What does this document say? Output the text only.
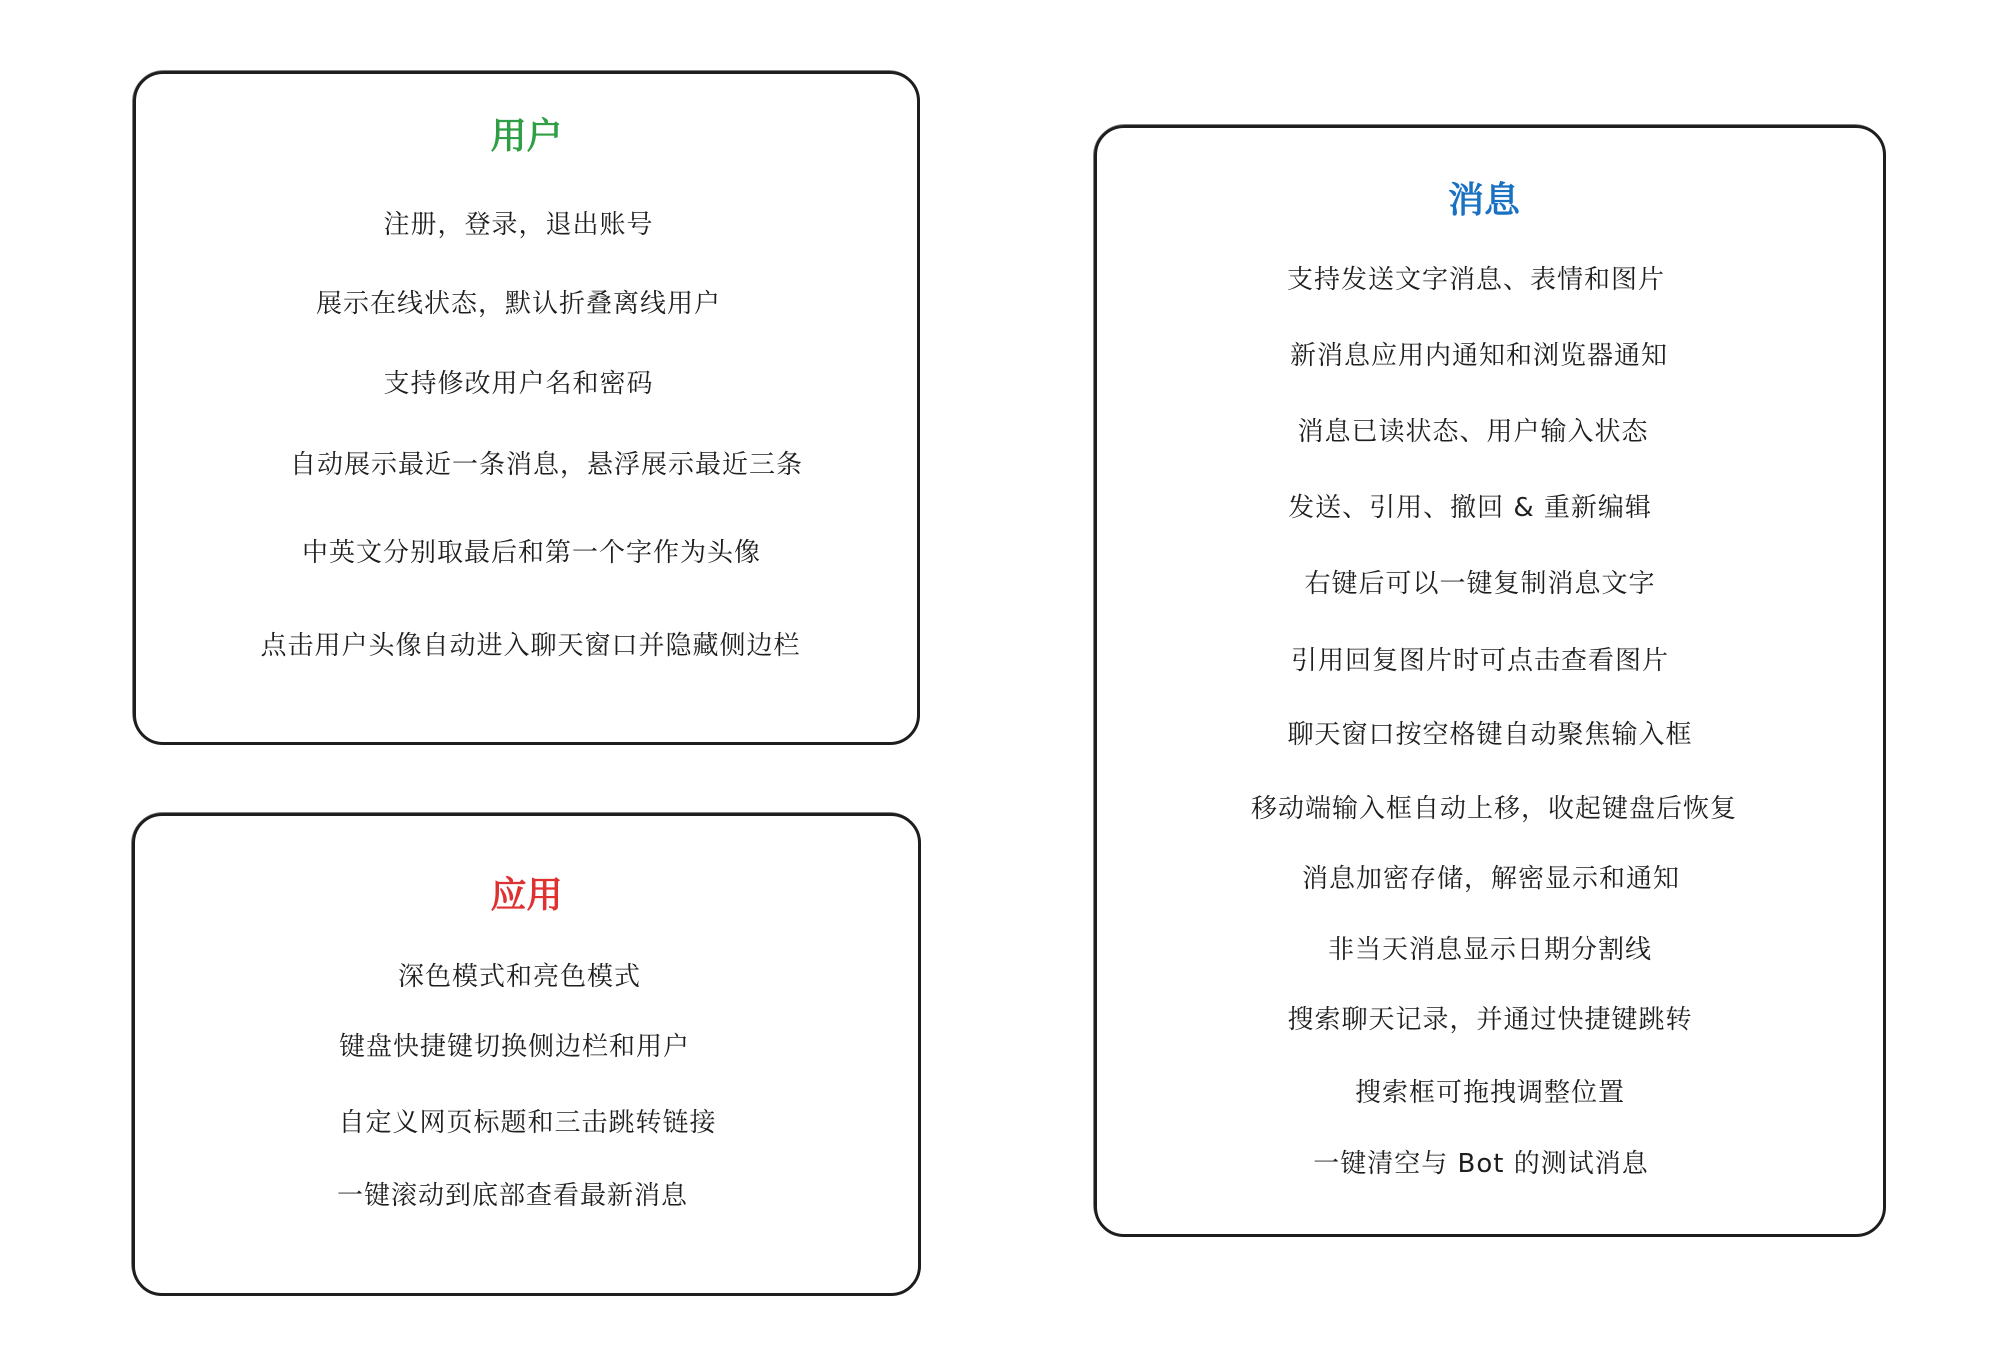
用户

注册，登录，退出账号

展示在线状态，默认折叠离线用户

支持修改用户名和密码

自动展示最近一条消息，悬浮展示最近三条

中英文分别取最后和第一个字作为头像

点击用户头像自动进入聊天窗口并隐藏侧边栏

应用

深色模式和亮色模式

键盘快捷键切换侧边栏和用户

自定义网页标题和三击跳转链接

一键滚动到底部查看最新消息

消息

支持发送文字消息、表情和图片

新消息应用内通知和浏览器通知

消息已读状态、用户输入状态

发送、引用、撤回 & 重新编辑

右键后可以一键复制消息文字

引用回复图片时可点击查看图片

聊天窗口按空格键自动聚焦输入框

移动端输入框自动上移，收起键盘后恢复

消息加密存储，解密显示和通知

非当天消息显示日期分割线

搜索聊天记录，并通过快捷键跳转

搜索框可拖拽调整位置

一键清空与 Bot 的测试消息
